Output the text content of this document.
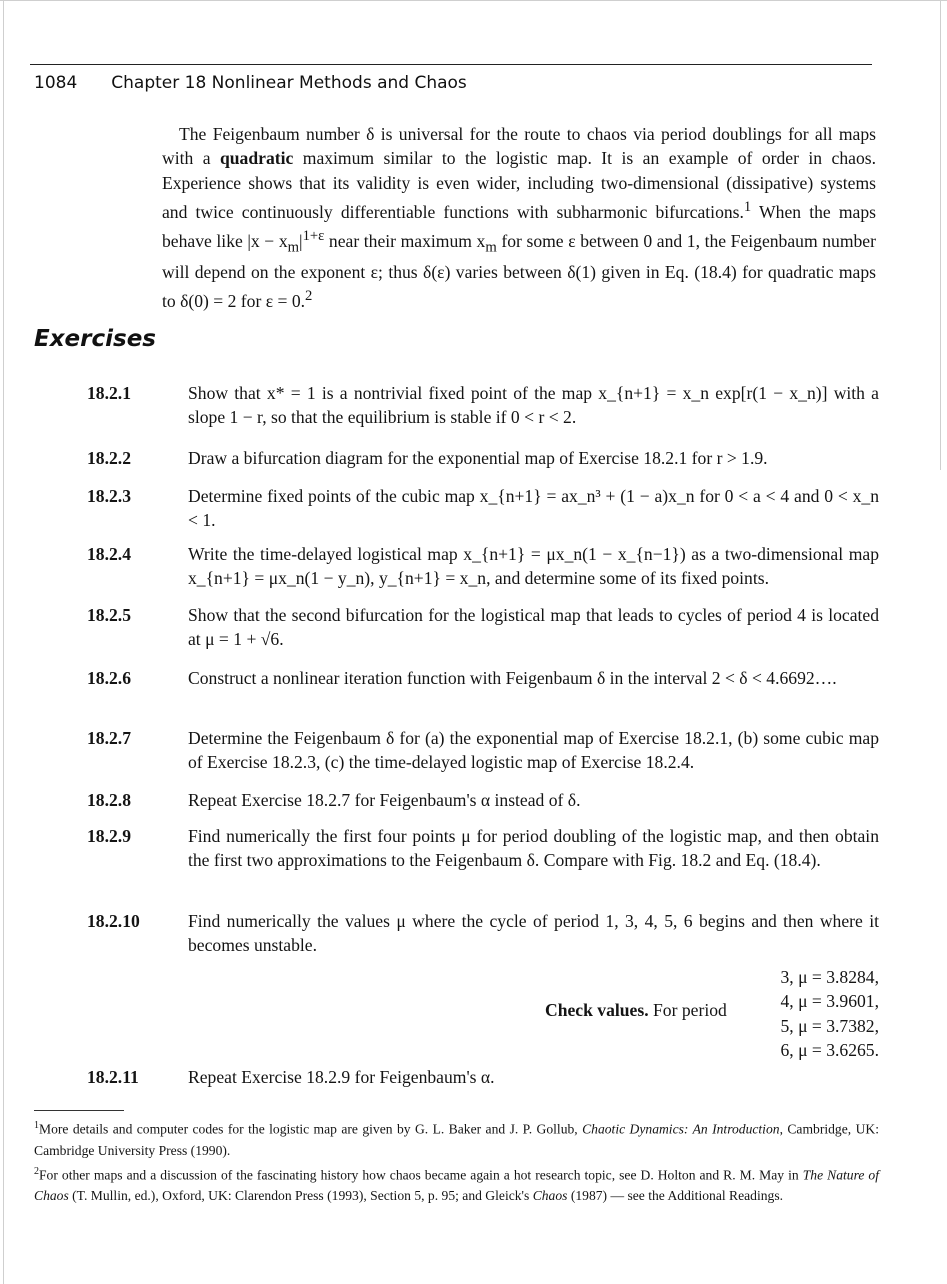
1084 Chapter 18 Nonlinear Methods and Chaos

The Feigenbaum number δ is universal for the route to chaos via period doublings for all maps with a quadratic maximum similar to the logistic map. It is an example of order in chaos. Experience shows that its validity is even wider, including two-dimensional (dissipative) systems and twice continuously differentiable functions with subharmonic bifurcations.$^1$ When the maps behave like $|x - x_m|^{1+\varepsilon}$ near their maximum $x_m$ for some ε between 0 and 1, the Feigenbaum number will depend on the exponent ε; thus δ(ε) varies between δ(1) given in Eq. (18.4) for quadratic maps to δ(0) = 2 for ε = 0.$^2$

Exercises
18.2.1	Show that x* = 1 is a nontrivial fixed point of the map x_{n+1} = x_n exp[r(1 − x_n)] with a slope 1 − r, so that the equilibrium is stable if 0 < r < 2.
18.2.2	Draw a bifurcation diagram for the exponential map of Exercise 18.2.1 for r > 1.9.
18.2.3	Determine fixed points of the cubic map x_{n+1} = ax_n³ + (1 − a)x_n for 0 < a < 4 and 0 < x_n < 1.
18.2.4	Write the time-delayed logistical map x_{n+1} = μx_n(1 − x_{n−1}) as a two-dimensional map x_{n+1} = μx_n(1 − y_n), y_{n+1} = x_n, and determine some of its fixed points.
18.2.5	Show that the second bifurcation for the logistical map that leads to cycles of period 4 is located at μ = 1 + √6.
18.2.6	Construct a nonlinear iteration function with Feigenbaum δ in the interval 2 < δ < 4.6692….
18.2.7	Determine the Feigenbaum δ for (a) the exponential map of Exercise 18.2.1, (b) some cubic map of Exercise 18.2.3, (c) the time-delayed logistic map of Exercise 18.2.4.
18.2.8	Repeat Exercise 18.2.7 for Feigenbaum's α instead of δ.
18.2.9	Find numerically the first four points μ for period doubling of the logistic map, and then obtain the first two approximations to the Feigenbaum δ. Compare with Fig. 18.2 and Eq. (18.4).
18.2.10	Find numerically the values μ where the cycle of period 1, 3, 4, 5, 6 begins and then where it becomes unstable.
Check values. For period
3, μ = 3.8284,
4, μ = 3.9601,
5, μ = 3.7382,
6, μ = 3.6265.
18.2.11	Repeat Exercise 18.2.9 for Feigenbaum's α.

$^1$More details and computer codes for the logistic map are given by G. L. Baker and J. P. Gollub, Chaotic Dynamics: An Introduction, Cambridge, UK: Cambridge University Press (1990).

$^2$For other maps and a discussion of the fascinating history how chaos became again a hot research topic, see D. Holton and R. M. May in The Nature of Chaos (T. Mullin, ed.), Oxford, UK: Clarendon Press (1993), Section 5, p. 95; and Gleick's Chaos (1987) — see the Additional Readings.
